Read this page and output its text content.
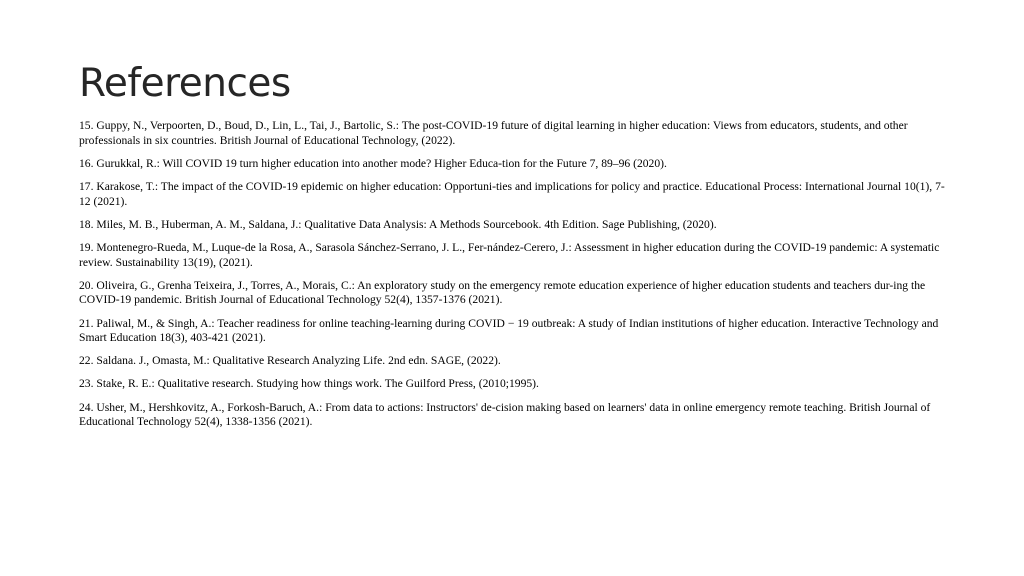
References
15. Guppy, N., Verpoorten, D., Boud, D., Lin, L., Tai, J., Bartolic, S.: The post-COVID-19 future of digital learning in higher education: Views from educators, students, and other professionals in six countries. British Journal of Educational Technology, (2022).
16. Gurukkal, R.: Will COVID 19 turn higher education into another mode? Higher Educa-tion for the Future 7, 89–96 (2020).
17. Karakose, T.: The impact of the COVID-19 epidemic on higher education: Opportuni-ties and implications for policy and practice. Educational Process: International Journal 10(1), 7-12 (2021).
18. Miles, M. B., Huberman, A. M., Saldana, J.: Qualitative Data Analysis: A Methods Sourcebook. 4th Edition. Sage Publishing, (2020).
19. Montenegro-Rueda, M., Luque-de la Rosa, A., Sarasola Sánchez-Serrano, J. L., Fer-nández-Cerero, J.: Assessment in higher education during the COVID-19 pandemic: A systematic review. Sustainability 13(19), (2021).
20. Oliveira, G., Grenha Teixeira, J., Torres, A., Morais, C.: An exploratory study on the emergency remote education experience of higher education students and teachers dur-ing the COVID-19 pandemic. British Journal of Educational Technology 52(4), 1357-1376 (2021).
21. Paliwal, M., & Singh, A.: Teacher readiness for online teaching-learning during COVID − 19 outbreak: A study of Indian institutions of higher education. Interactive Technology and Smart Education 18(3), 403-421 (2021).
22. Saldana. J., Omasta, M.: Qualitative Research Analyzing Life. 2nd edn. SAGE, (2022).
23. Stake, R. E.: Qualitative research. Studying how things work. The Guilford Press, (2010;1995).
24. Usher, M., Hershkovitz, A., Forkosh-Baruch, A.: From data to actions: Instructors' de-cision making based on learners' data in online emergency remote teaching. British Journal of Educational Technology 52(4), 1338-1356 (2021).
